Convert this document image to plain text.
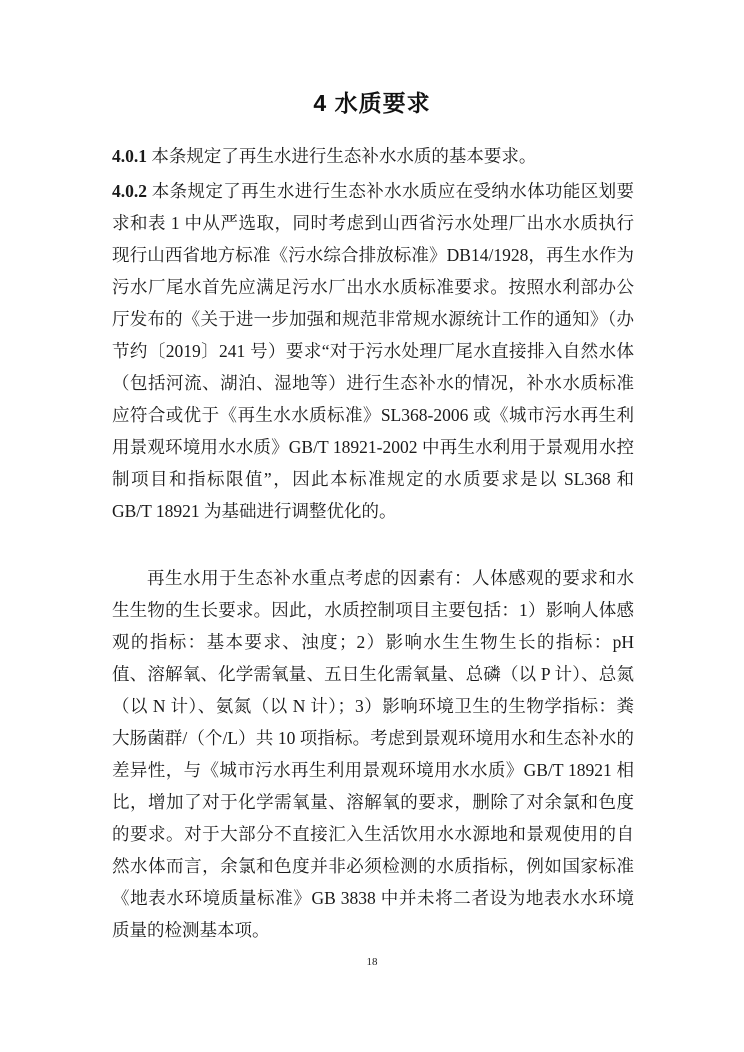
4 水质要求

4.0.1 本条规定了再生水进行生态补水水质的基本要求。

4.0.2 本条规定了再生水进行生态补水水质应在受纳水体功能区划要求和表 1 中从严选取，同时考虑到山西省污水处理厂出水水质执行现行山西省地方标准《污水综合排放标准》DB14/1928，再生水作为污水厂尾水首先应满足污水厂出水水质标准要求。按照水利部办公厅发布的《关于进一步加强和规范非常规水源统计工作的通知》（办节约〔2019〕241 号）要求“对于污水处理厂尾水直接排入自然水体（包括河流、湖泊、湿地等）进行生态补水的情况，补水水质标准应符合或优于《再生水水质标准》SL368-2006 或《城市污水再生利用景观环境用水水质》GB/T 18921-2002 中再生水利用于景观用水控制项目和指标限值”，因此本标准规定的水质要求是以 SL368 和 GB/T 18921 为基础进行调整优化的。

再生水用于生态补水重点考虑的因素有：人体感观的要求和水生生物的生长要求。因此，水质控制项目主要包括：1）影响人体感观的指标：基本要求、浊度；2）影响水生生物生长的指标：pH 值、溶解氧、化学需氧量、五日生化需氧量、总磷（以 P 计）、总氮（以 N 计）、氨氮（以 N 计）；3）影响环境卫生的生物学指标：粪大肠菌群/（个/L）共 10 项指标。考虑到景观环境用水和生态补水的差异性，与《城市污水再生利用景观环境用水水质》GB/T 18921 相比，增加了对于化学需氧量、溶解氧的要求，删除了对余氯和色度的要求。对于大部分不直接汇入生活饮用水水源地和景观使用的自然水体而言，余氯和色度并非必须检测的水质指标，例如国家标准《地表水环境质量标准》GB 3838 中并未将二者设为地表水水环境质量的检测基本项。

18
